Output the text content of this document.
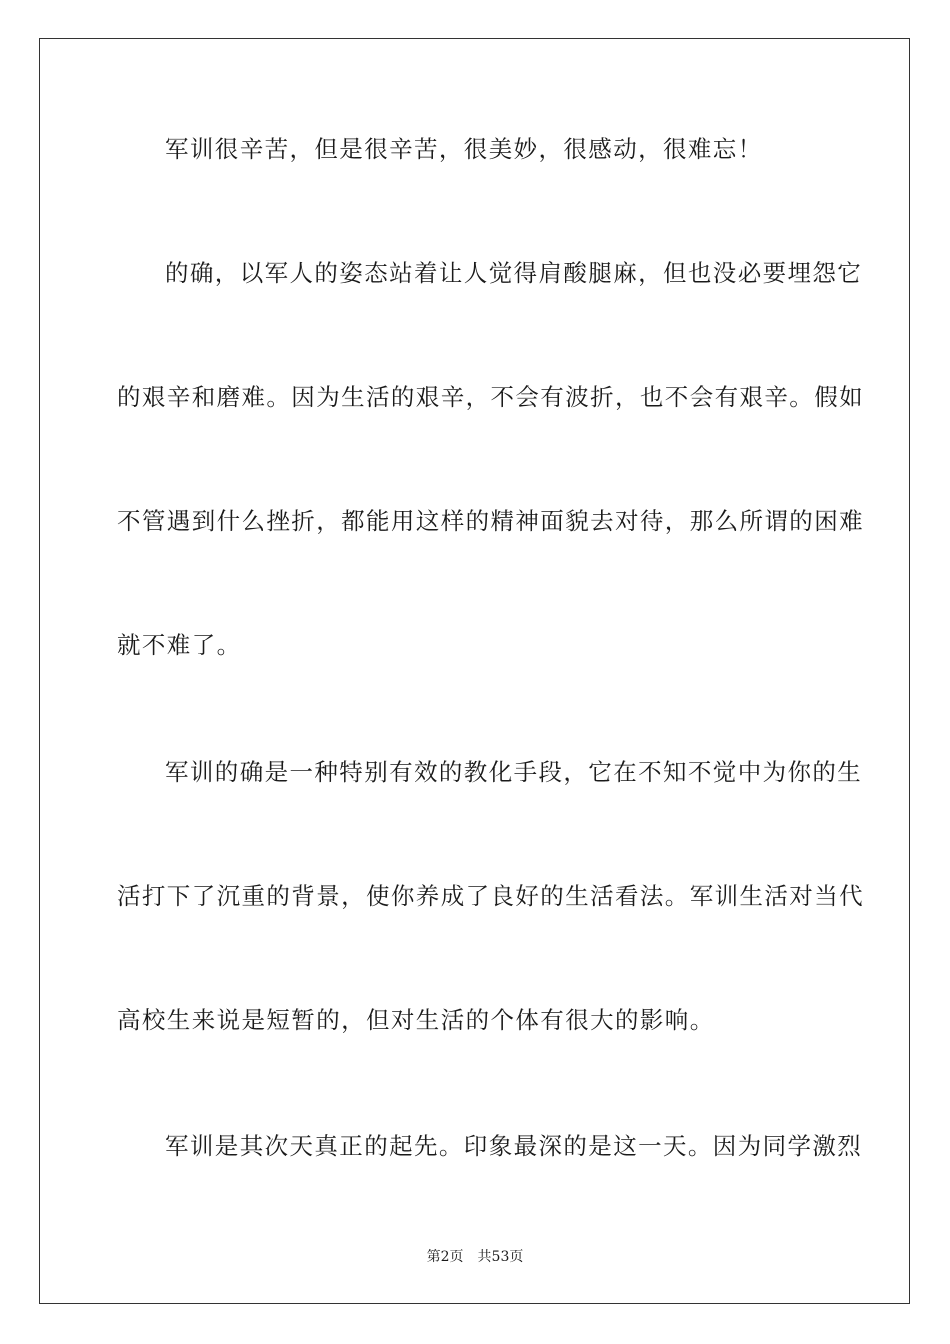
军训很辛苦，但是很辛苦，很美妙，很感动，很难忘！
的确，以军人的姿态站着让人觉得肩酸腿麻，但也没必要埋怨它
的艰辛和磨难。因为生活的艰辛，不会有波折，也不会有艰辛。假如
不管遇到什么挫折，都能用这样的精神面貌去对待，那么所谓的困难
就不难了。
军训的确是一种特别有效的教化手段，它在不知不觉中为你的生
活打下了沉重的背景，使你养成了良好的生活看法。军训生活对当代
高校生来说是短暂的，但对生活的个体有很大的影响。
军训是其次天真正的起先。印象最深的是这一天。因为同学激烈
第2页 共53页
